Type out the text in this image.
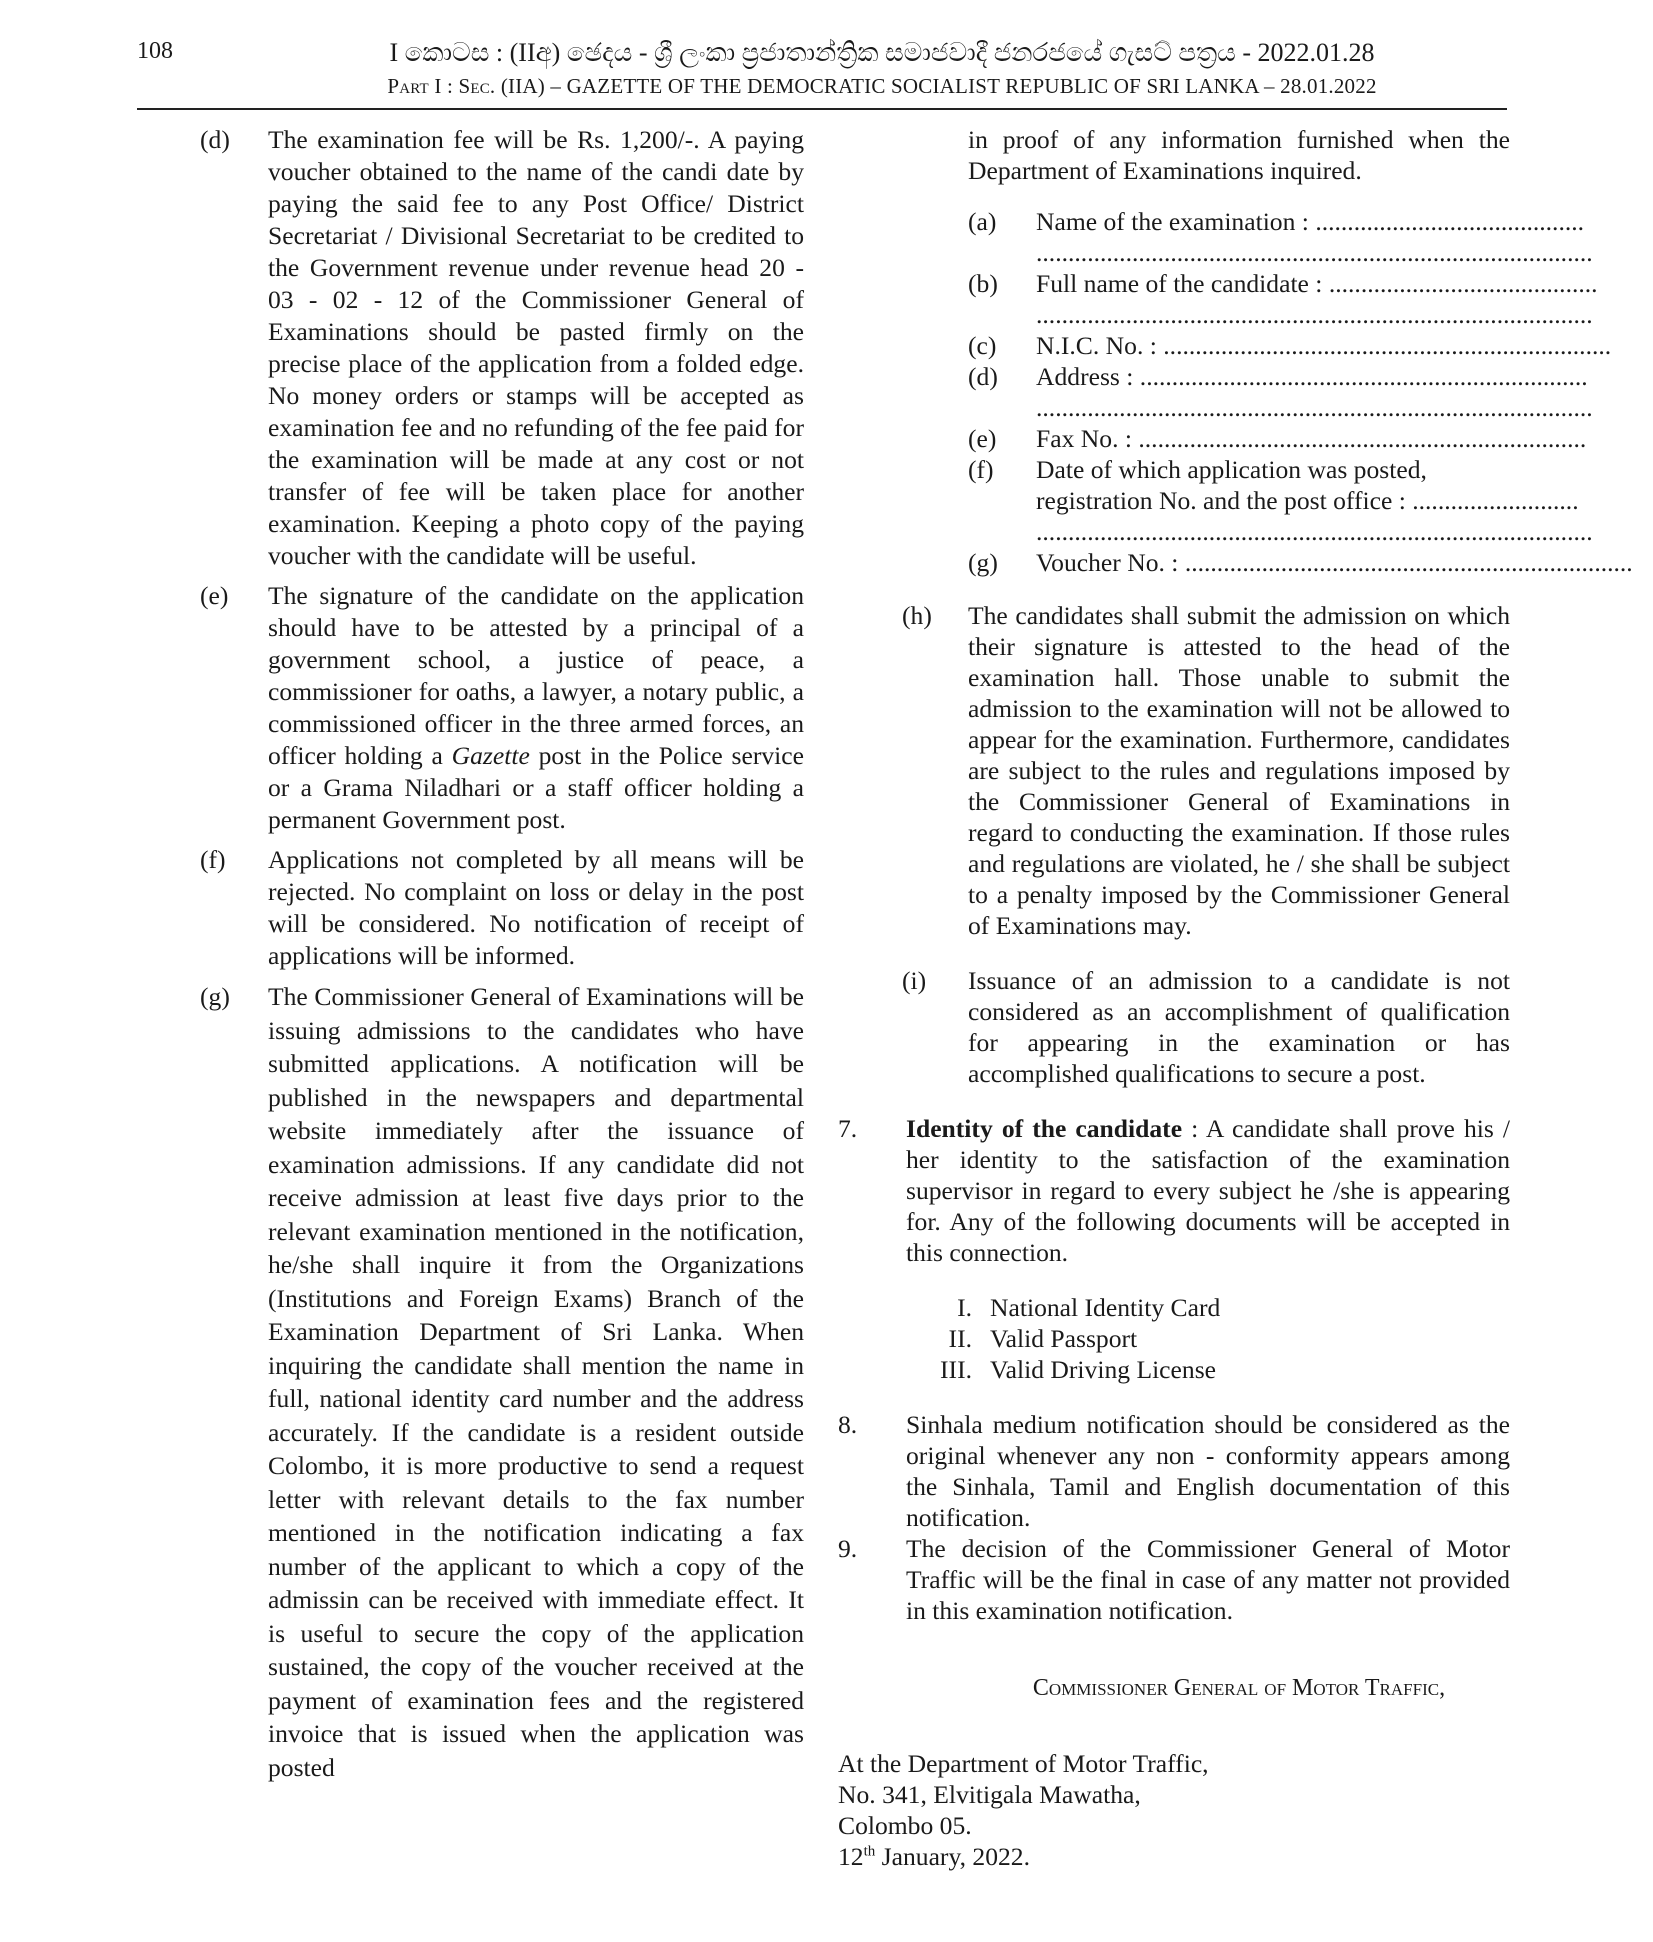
108	I කොටස : (IIඅ) ඡෙදය - ශ්‍රී ලංකා ප්‍රජාතාන්ත්‍රික සමාජවාදී ජනරජයේ ගැසට් පත්‍රය - 2022.01.28
Part I : Sec. (IIA) – GAZETTE OF THE DEMOCRATIC SOCIALIST REPUBLIC OF SRI LANKA – 28.01.2022
(d) The examination fee will be Rs. 1,200/-. A paying voucher obtained to the name of the candi date by paying the said fee to any Post Office/ District Secretariat / Divisional Secretariat to be credited to the Government revenue under revenue head 20 - 03 - 02 - 12 of the Commissioner General of Examinations should be pasted firmly on the precise place of the application from a folded edge. No money orders or stamps will be accepted as examination fee and no refunding of the fee paid for the examination will be made at any cost or not transfer of fee will be taken place for another examination. Keeping a photo copy of the paying voucher with the candidate will be useful.
(e) The signature of the candidate on the application should have to be attested by a principal of a government school, a justice of peace, a commissioner for oaths, a lawyer, a notary public, a commissioned officer in the three armed forces, an officer holding a Gazette post in the Police service or a Grama Niladhari or a staff officer holding a permanent Government post.
(f) Applications not completed by all means will be rejected. No complaint on loss or delay in the post will be considered. No notification of receipt of applications will be informed.
(g) The Commissioner General of Examinations will be issuing admissions to the candidates who have submitted applications. A notification will be published in the newspapers and departmental website immediately after the issuance of examination admissions. If any candidate did not receive admission at least five days prior to the relevant examination mentioned in the notification, he/she shall inquire it from the Organizations (Institutions and Foreign Exams) Branch of the Examination Department of Sri Lanka. When inquiring the candidate shall mention the name in full, national identity card number and the address accurately. If the candidate is a resident outside Colombo, it is more productive to send a request letter with relevant details to the fax number mentioned in the notification indicating a fax number of the applicant to which a copy of the admissin can be received with immediate effect. It is useful to secure the copy of the application sustained, the copy of the voucher received at the payment of examination fees and the registered invoice that is issued when the application was posted
in proof of any information furnished when the Department of Examinations inquired.
(a) Name of the examination : ..........................................
.......................................................................................
(b) Full name of the candidate : ..........................................
.......................................................................................
(c) N.I.C. No. : ......................................................................
(d) Address : ......................................................................
.......................................................................................
(e) Fax No. : ......................................................................
(f) Date of which application was posted,
registration No. and the post office : ..........................
.......................................................................................
(g) Voucher No. : ......................................................................
(h) The candidates shall submit the admission on which their signature is attested to the head of the examination hall. Those unable to submit the admission to the examination will not be allowed to appear for the examination. Furthermore, candidates are subject to the rules and regulations imposed by the Commissioner General of Examinations in regard to conducting the examination. If those rules and regulations are violated, he / she shall be subject to a penalty imposed by the Commissioner General of Examinations may.
(i) Issuance of an admission to a candidate is not considered as an accomplishment of qualification for appearing in the examination or has accomplished qualifications to secure a post.
7. Identity of the candidate : A candidate shall prove his / her identity to the satisfaction of the examination supervisor in regard to every subject he /she is appearing for. Any of the following documents will be accepted in this connection.
I. National Identity Card
II. Valid Passport
III. Valid Driving License
8. Sinhala medium notification should be considered as the original whenever any non - conformity appears among the Sinhala, Tamil and English documentation of this notification.
9. The decision of the Commissioner General of Motor Traffic will be the final in case of any matter not provided in this examination notification.
Commissioner General of Motor Traffic,
At the Department of Motor Traffic,
No. 341, Elvitigala Mawatha,
Colombo 05.
12th January, 2022.
